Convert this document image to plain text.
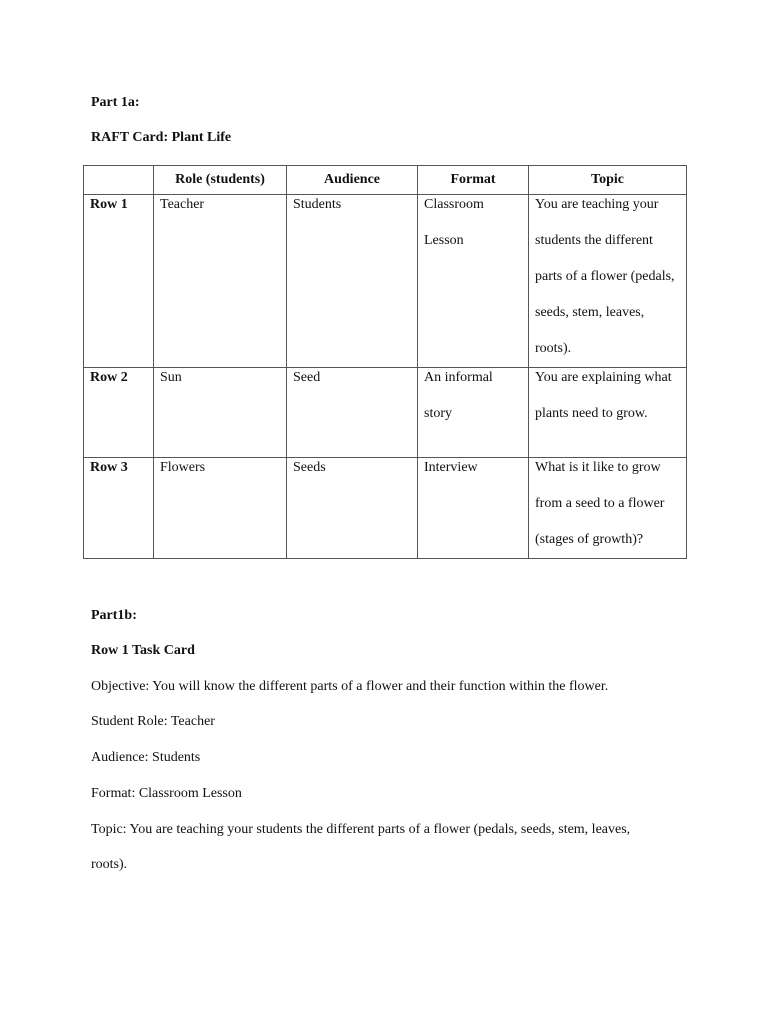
Part 1a:
RAFT Card: Plant Life
	Role (students)	Audience	Format	Topic

Row 1	Teacher	Students	Classroom Lesson	You are teaching your students the different parts of a flower (pedals, seeds, stem, leaves, roots).

Row 2	Sun	Seed	An informal story	You are explaining what plants need to grow.

Row 3	Flowers	Seeds	Interview	What is it like to grow from a seed to a flower (stages of growth)?
Part1b:
Row 1 Task Card
Objective: You will know the different parts of a flower and their function within the flower.
Student Role: Teacher
Audience: Students
Format: Classroom Lesson
Topic: You are teaching your students the different parts of a flower (pedals, seeds, stem, leaves,
roots).
